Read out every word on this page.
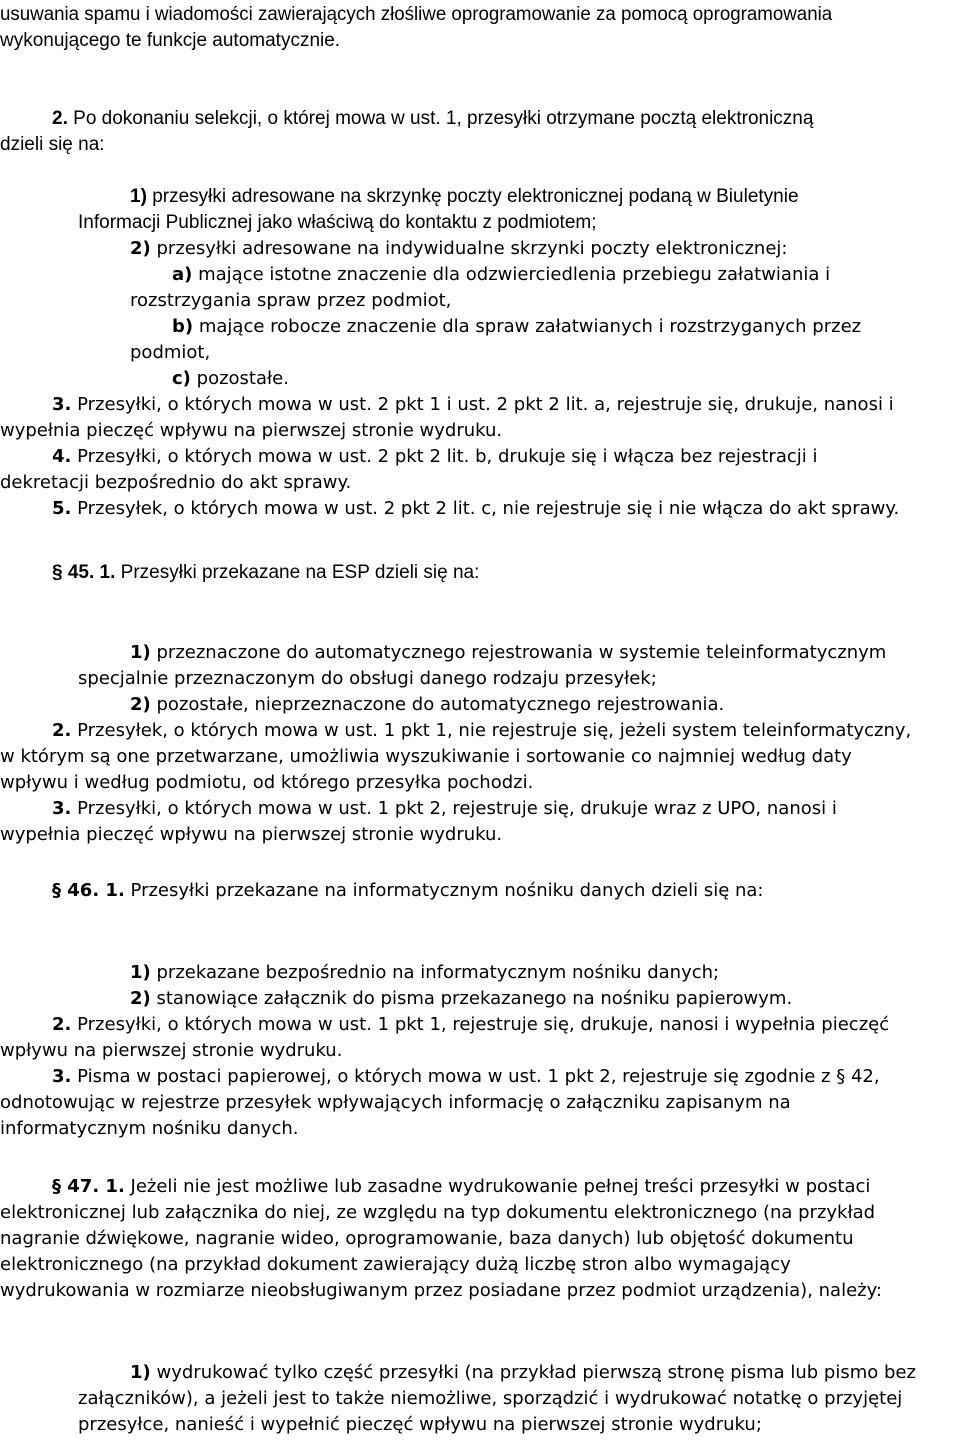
usuwania spamu i wiadomości zawierających złośliwe oprogramowanie za pomocą oprogramowania

wykonującego te funkcje automatycznie.

2. Po dokonaniu selekcji, o której mowa w ust. 1, przesyłki otrzymane pocztą elektroniczną

dzieli się na:

1) przesyłki adresowane na skrzynkę poczty elektronicznej podaną w Biuletynie

Informacji Publicznej jako właściwą do kontaktu z podmiotem;

2) przesyłki adresowane na indywidualne skrzynki poczty elektronicznej:

a) mające istotne znaczenie dla odzwierciedlenia przebiegu załatwiania i

rozstrzygania spraw przez podmiot,

b) mające robocze znaczenie dla spraw załatwianych i rozstrzyganych przez

podmiot,

c) pozostałe.

3. Przesyłki, o których mowa w ust. 2 pkt 1 i ust. 2 pkt 2 lit. a, rejestruje się, drukuje, nanosi i

wypełnia pieczęć wpływu na pierwszej stronie wydruku.

4. Przesyłki, o których mowa w ust. 2 pkt 2 lit. b, drukuje się i włącza bez rejestracji i

dekretacji bezpośrednio do akt sprawy.

5. Przesyłek, o których mowa w ust. 2 pkt 2 lit. c, nie rejestruje się i nie włącza do akt sprawy.

§ 45. 1. Przesyłki przekazane na ESP dzieli się na:

1) przeznaczone do automatycznego rejestrowania w systemie teleinformatycznym

specjalnie przeznaczonym do obsługi danego rodzaju przesyłek;

2) pozostałe, nieprzeznaczone do automatycznego rejestrowania.

2. Przesyłek, o których mowa w ust. 1 pkt 1, nie rejestruje się, jeżeli system teleinformatyczny,

w którym są one przetwarzane, umożliwia wyszukiwanie i sortowanie co najmniej według daty

wpływu i według podmiotu, od którego przesyłka pochodzi.

3. Przesyłki, o których mowa w ust. 1 pkt 2, rejestruje się, drukuje wraz z UPO, nanosi i

wypełnia pieczęć wpływu na pierwszej stronie wydruku.

§ 46. 1. Przesyłki przekazane na informatycznym nośniku danych dzieli się na:

1) przekazane bezpośrednio na informatycznym nośniku danych;

2) stanowiące załącznik do pisma przekazanego na nośniku papierowym.

2. Przesyłki, o których mowa w ust. 1 pkt 1, rejestruje się, drukuje, nanosi i wypełnia pieczęć

wpływu na pierwszej stronie wydruku.

3. Pisma w postaci papierowej, o których mowa w ust. 1 pkt 2, rejestruje się zgodnie z § 42,

odnotowując w rejestrze przesyłek wpływających informację o załączniku zapisanym na

informatycznym nośniku danych.

§ 47. 1. Jeżeli nie jest możliwe lub zasadne wydrukowanie pełnej treści przesyłki w postaci

elektronicznej lub załącznika do niej, ze względu na typ dokumentu elektronicznego (na przykład

nagranie dźwiękowe, nagranie wideo, oprogramowanie, baza danych) lub objętość dokumentu

elektronicznego (na przykład dokument zawierający dużą liczbę stron albo wymagający

wydrukowania w rozmiarze nieobsługiwanym przez posiadane przez podmiot urządzenia), należy:

1) wydrukować tylko część przesyłki (na przykład pierwszą stronę pisma lub pismo bez

załączników), a jeżeli jest to także niemożliwe, sporządzić i wydrukować notatkę o przyjętej

przesyłce, nanieść i wypełnić pieczęć wpływu na pierwszej stronie wydruku;
